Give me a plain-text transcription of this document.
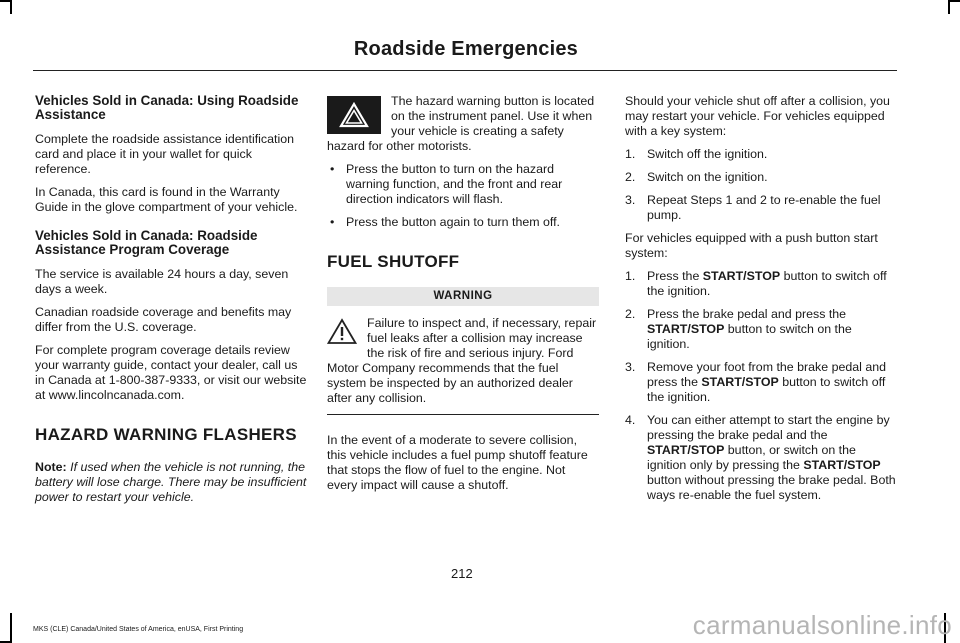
Roadside Emergencies
Vehicles Sold in Canada: Using Roadside Assistance

Complete the roadside assistance identification card and place it in your wallet for quick reference.

In Canada, this card is found in the Warranty Guide in the glove compartment of your vehicle.

Vehicles Sold in Canada: Roadside Assistance Program Coverage

The service is available 24 hours a day, seven days a week.

Canadian roadside coverage and benefits may differ from the U.S. coverage.

For complete program coverage details review your warranty guide, contact your dealer, call us in Canada at 1-800-387-9333, or visit our website at www.lincolncanada.com.

HAZARD WARNING FLASHERS

Note: If used when the vehicle is not running, the battery will lose charge. There may be insufficient power to restart your vehicle.

The hazard warning button is located on the instrument panel. Use it when your vehicle is creating a safety hazard for other motorists.

• Press the button to turn on the hazard warning function, and the front and rear direction indicators will flash.
• Press the button again to turn them off.
FUEL SHUTOFF
WARNING

Failure to inspect and, if necessary, repair fuel leaks after a collision may increase the risk of fire and serious injury. Ford Motor Company recommends that the fuel system be inspected by an authorized dealer after any collision.

In the event of a moderate to severe collision, this vehicle includes a fuel pump shutoff feature that stops the flow of fuel to the engine. Not every impact will cause a shutoff.

Should your vehicle shut off after a collision, you may restart your vehicle. For vehicles equipped with a key system:

1. Switch off the ignition.
2. Switch on the ignition.
3. Repeat Steps 1 and 2 to re-enable the fuel pump.

For vehicles equipped with a push button start system:

1. Press the START/STOP button to switch off the ignition.
2. Press the brake pedal and press the START/STOP button to switch on the ignition.
3. Remove your foot from the brake pedal and press the START/STOP button to switch off the ignition.
4. You can either attempt to start the engine by pressing the brake pedal and the START/STOP button, or switch on the ignition only by pressing the START/STOP button without pressing the brake pedal. Both ways re-enable the fuel system.
212
MKS (CLE) Canada/United States of America, enUSA, First Printing	carmanualsonline.info
